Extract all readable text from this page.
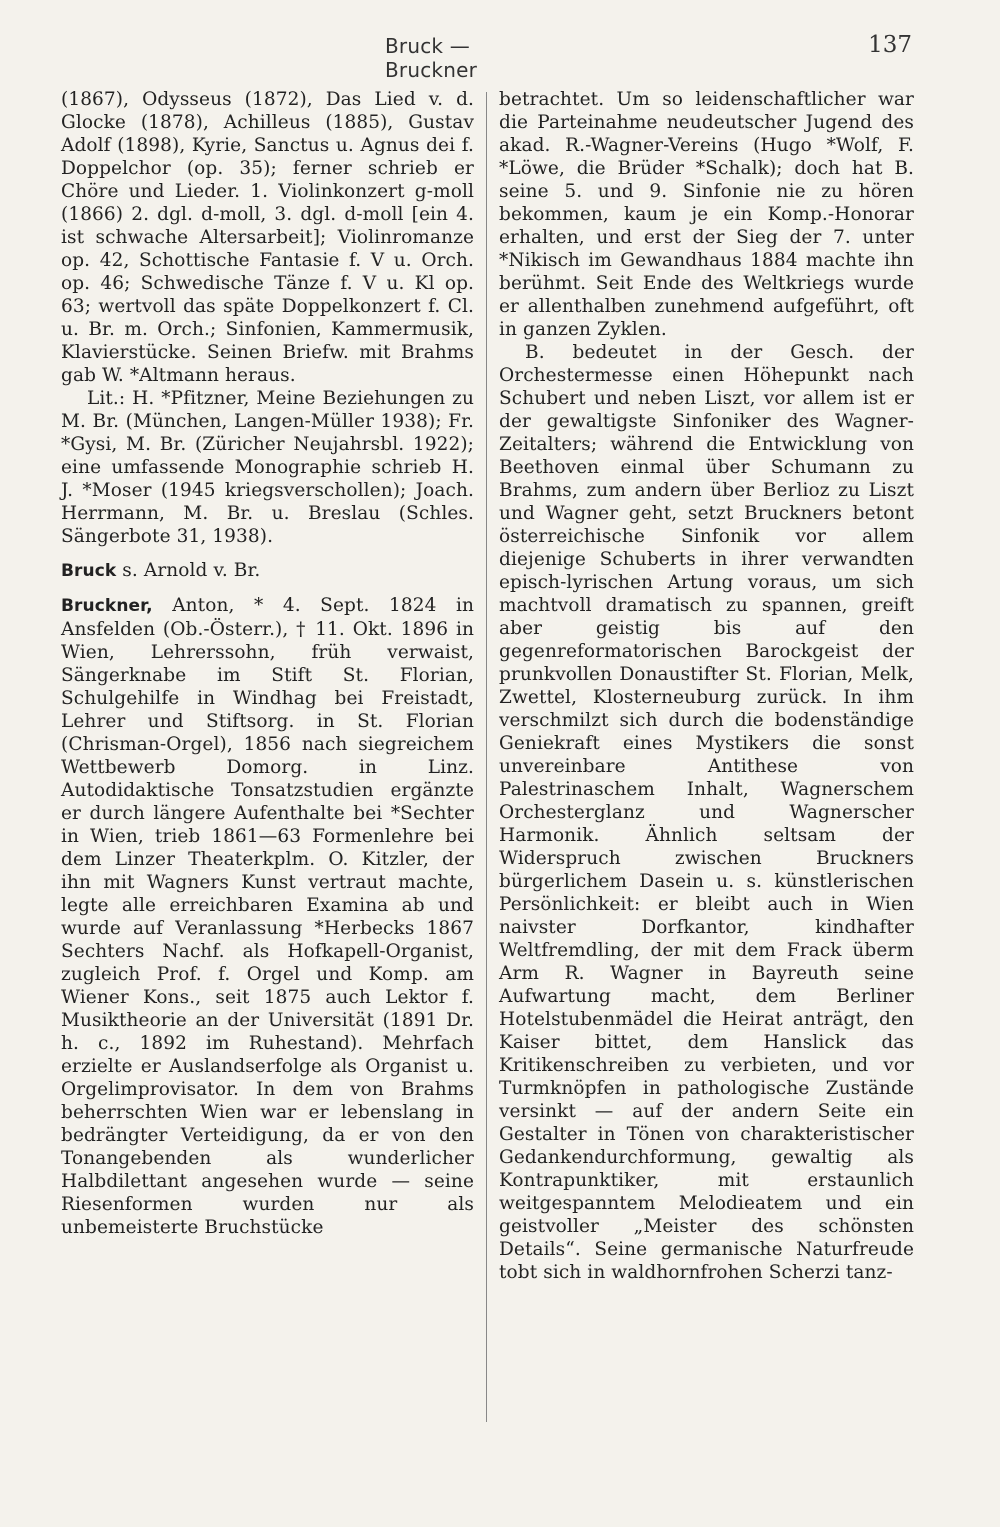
Bruck — Bruckner
137

(1867), Odysseus (1872), Das Lied v. d. Glocke (1878), Achilleus (1885), Gustav Adolf (1898), Kyrie, Sanctus u. Agnus dei f. Doppelchor (op. 35); ferner schrieb er Chöre und Lieder. 1. Violinkonzert g-moll (1866) 2. dgl. d-moll, 3. dgl. d-moll [ein 4. ist schwache Altersarbeit]; Violinromanze op. 42, Schottische Fantasie f. V u. Orch. op. 46; Schwedische Tänze f. V u. Kl op. 63; wertvoll das späte Doppelkonzert f. Cl. u. Br. m. Orch.; Sinfonien, Kammermusik, Klavierstücke. Seinen Briefw. mit Brahms gab W. *Altmann heraus.

Lit.: H. *Pfitzner, Meine Beziehungen zu M. Br. (München, Langen-Müller 1938); Fr. *Gysi, M. Br. (Züricher Neujahrsbl. 1922); eine umfassende Monographie schrieb H. J. *Moser (1945 kriegsverschollen); Joach. Herrmann, M. Br. u. Breslau (Schles. Sängerbote 31, 1938).

Bruck s. Arnold v. Br.

Bruckner, Anton, * 4. Sept. 1824 in Ansfelden (Ob.-Österr.), † 11. Okt. 1896 in Wien, Lehrerssohn, früh verwaist, Sängerknabe im Stift St. Florian, Schulgehilfe in Windhag bei Freistadt, Lehrer und Stiftsorg. in St. Florian (Chrisman-Orgel), 1856 nach siegreichem Wettbewerb Domorg. in Linz. Autodidaktische Tonsatzstudien ergänzte er durch längere Aufenthalte bei *Sechter in Wien, trieb 1861—63 Formenlehre bei dem Linzer Theaterkplm. O. Kitzler, der ihn mit Wagners Kunst vertraut machte, legte alle erreichbaren Examina ab und wurde auf Veranlassung *Herbecks 1867 Sechters Nachf. als Hofkapell-Organist, zugleich Prof. f. Orgel und Komp. am Wiener Kons., seit 1875 auch Lektor f. Musiktheorie an der Universität (1891 Dr. h. c., 1892 im Ruhestand). Mehrfach erzielte er Auslandserfolge als Organist u. Orgelimprovisator. In dem von Brahms beherrschten Wien war er lebenslang in bedrängter Verteidigung, da er von den Tonangebenden als wunderlicher Halbdilettant angesehen wurde — seine Riesenformen wurden nur als unbemeisterte Bruchstücke

betrachtet. Um so leidenschaftlicher war die Parteinahme neudeutscher Jugend des akad. R.-Wagner-Vereins (Hugo *Wolf, F. *Löwe, die Brüder *Schalk); doch hat B. seine 5. und 9. Sinfonie nie zu hören bekommen, kaum je ein Komp.-Honorar erhalten, und erst der Sieg der 7. unter *Nikisch im Gewandhaus 1884 machte ihn berühmt. Seit Ende des Weltkriegs wurde er allenthalben zunehmend aufgeführt, oft in ganzen Zyklen.

B. bedeutet in der Gesch. der Orchestermesse einen Höhepunkt nach Schubert und neben Liszt, vor allem ist er der gewaltigste Sinfoniker des Wagner-Zeitalters; während die Entwicklung von Beethoven einmal über Schumann zu Brahms, zum andern über Berlioz zu Liszt und Wagner geht, setzt Bruckners betont österreichische Sinfonik vor allem diejenige Schuberts in ihrer verwandten episch-lyrischen Artung voraus, um sich machtvoll dramatisch zu spannen, greift aber geistig bis auf den gegenreformatorischen Barockgeist der prunkvollen Donaustifter St. Florian, Melk, Zwettel, Klosterneuburg zurück. In ihm verschmilzt sich durch die bodenständige Geniekraft eines Mystikers die sonst unvereinbare Antithese von Palestrinaschem Inhalt, Wagnerschem Orchesterglanz und Wagnerscher Harmonik. Ähnlich seltsam der Widerspruch zwischen Bruckners bürgerlichem Dasein u. s. künstlerischen Persönlichkeit: er bleibt auch in Wien naivster Dorfkantor, kindhafter Weltfremdling, der mit dem Frack überm Arm R. Wagner in Bayreuth seine Aufwartung macht, dem Berliner Hotelstubenmädel die Heirat anträgt, den Kaiser bittet, dem Hanslick das Kritikenschreiben zu verbieten, und vor Turmknöpfen in pathologische Zustände versinkt — auf der andern Seite ein Gestalter in Tönen von charakteristischer Gedankendurchformung, gewaltig als Kontrapunktiker, mit erstaunlich weitgespanntem Melodieatem und ein geistvoller „Meister des schönsten Details“. Seine germanische Naturfreude tobt sich in waldhornfrohen Scherzi tanz-
